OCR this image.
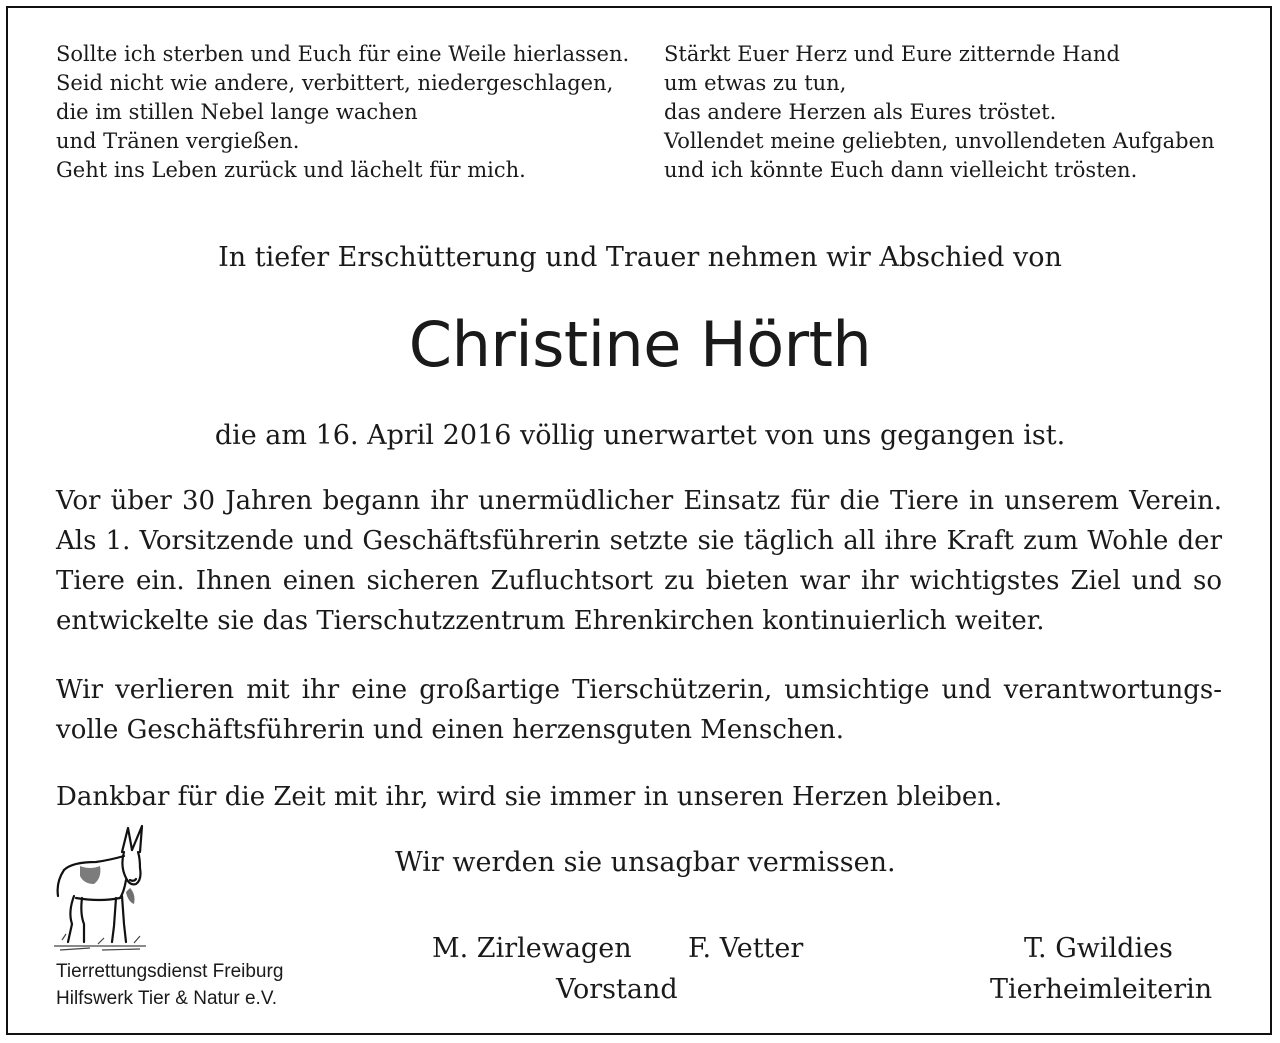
Sollte ich sterben und Euch für eine Weile hierlassen.
Seid nicht wie andere, verbittert, niedergeschlagen,
die im stillen Nebel lange wachen
und Tränen vergießen.
Geht ins Leben zurück und lächelt für mich.
Stärkt Euer Herz und Eure zitternde Hand
um etwas zu tun,
das andere Herzen als Eures tröstet.
Vollendet meine geliebten, unvollendeten Aufgaben
und ich könnte Euch dann vielleicht trösten.
In tiefer Erschütterung und Trauer nehmen wir Abschied von
Christine Hörth
die am 16. April 2016 völlig unerwartet von uns gegangen ist.
Vor über 30 Jahren begann ihr unermüdlicher Einsatz für die Tiere in unserem Verein. Als 1. Vorsitzende und Geschäftsführerin setzte sie täglich all ihre Kraft zum Wohle der Tiere ein. Ihnen einen sicheren Zufluchtsort zu bieten war ihr wichtigstes Ziel und so entwickelte sie das Tierschutzzentrum Ehrenkirchen kontinuierlich weiter.
Wir verlieren mit ihr eine großartige Tierschützerin, umsichtige und verantwortungs-volle Geschäftsführerin und einen herzensguten Menschen.
Dankbar für die Zeit mit ihr, wird sie immer in unseren Herzen bleiben.
Wir werden sie unsagbar vermissen.
Tierrettungsdienst Freiburg
Hilfswerk Tier & Natur e.V.
M. Zirlewagen F. Vetter
Vorstand
T. Gwildies
Tierheimleiterin
